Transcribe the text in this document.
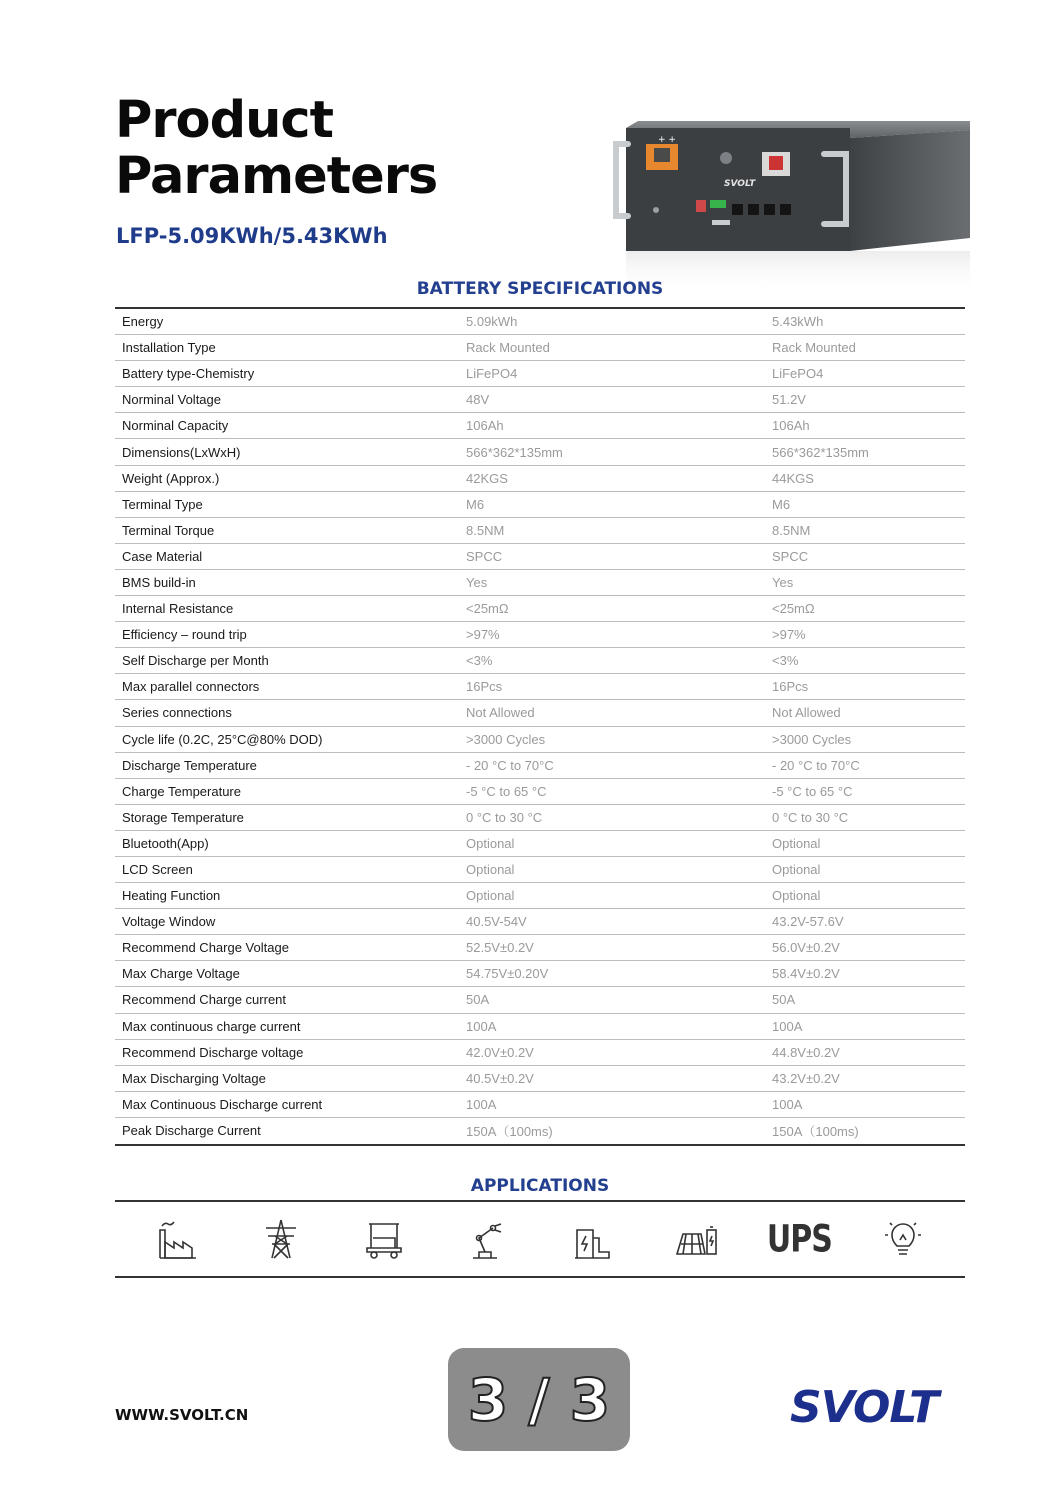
Product
Parameters
LFP-5.09KWh/5.43KWh
+ +
SVOLT
BATTERY SPECIFICATIONS
Energy	5.09kWh	5.43kWh
Installation Type	Rack Mounted	Rack Mounted
Battery type-Chemistry	LiFePO4	LiFePO4
Norminal Voltage	48V	51.2V
Norminal Capacity	106Ah	106Ah
Dimensions(LxWxH)	566*362*135mm	566*362*135mm
Weight (Approx.)	42KGS	44KGS
Terminal Type	M6	M6
Terminal Torque	8.5NM	8.5NM
Case Material	SPCC	SPCC
BMS build-in	Yes	Yes
Internal Resistance	<25mΩ	<25mΩ
Efficiency – round trip	>97%	>97%
Self Discharge per Month	<3%	<3%
Max parallel connectors	16Pcs	16Pcs
Series connections	Not Allowed	Not Allowed
Cycle life (0.2C, 25°C@80% DOD)	>3000 Cycles	>3000 Cycles
Discharge Temperature	- 20 °C to 70°C	- 20 °C to 70°C
Charge Temperature	-5 °C to 65 °C	-5 °C to 65 °C
Storage Temperature	0 °C to 30 °C	0 °C to 30 °C
Bluetooth(App)	Optional	Optional
LCD Screen	Optional	Optional
Heating Function	Optional	Optional
Voltage Window	40.5V-54V	43.2V-57.6V
Recommend Charge Voltage	52.5V±0.2V	56.0V±0.2V
Max Charge Voltage	54.75V±0.20V	58.4V±0.2V
Recommend Charge current	50A	50A
Max continuous charge current	100A	100A
Recommend Discharge voltage	42.0V±0.2V	44.8V±0.2V
Max Discharging Voltage	40.5V±0.2V	43.2V±0.2V
Max Continuous Discharge current	100A	100A
Peak Discharge Current	150A（100ms)	150A（100ms)
APPLICATIONS
UPS
WWW.SVOLT.CN	3 / 3	SVOLT
